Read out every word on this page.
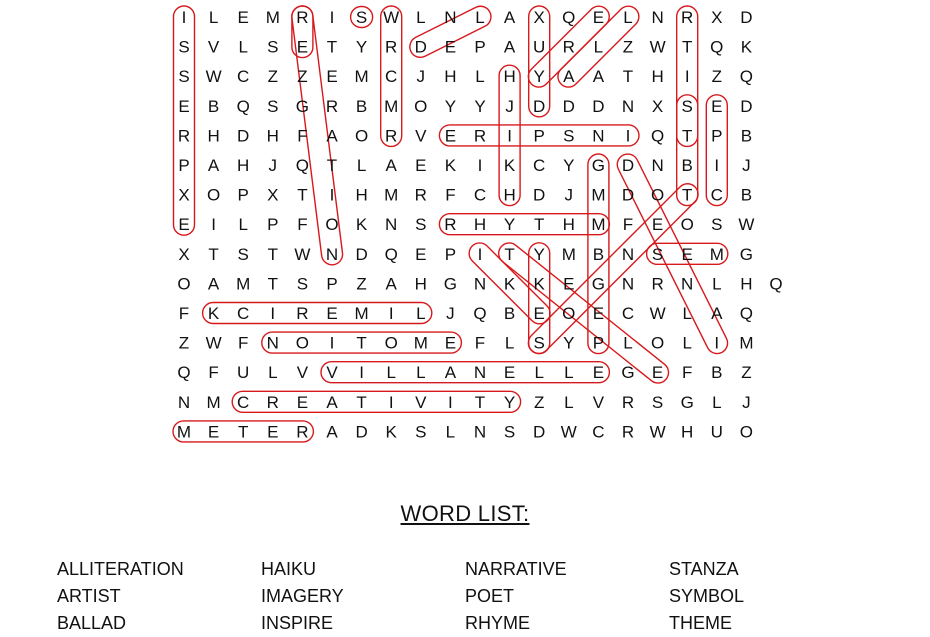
I L E M R I S W L N L A X Q E L N R X D
S V L S E T Y R D E P A U R L Z W T Q K
S W C Z Z E M C J H L H Y A A T H I Z Q
E B Q S G R B M O Y Y J D D D N X S E D
R H D H F A O R V E R I P S N I Q T P B
P A H J Q T L A E K I K C Y G D N B I J
X O P X T I H M R F C H D J M D O T C B
E I L P F O K N S R H Y T H M F E O S W
X T S T W N D Q E P I T Y M B N S E M G
O A M T S P Z A H G N K K E G N R N L H Q
F K C I R E M I L J Q B E O E C W L A Q
Z W F N O I T O M E F L S Y P L O L I M
Q F U L V V I L L A N E L L E G E F B Z
N M C R E A T I V I T Y Z L V R S G L J
M E T E R A D K S L N S D W C R W H U O
WORD LIST:
ALLITERATION
ARTIST
BALLAD
HAIKU
IMAGERY
INSPIRE
NARRATIVE
POET
RHYME
STANZA
SYMBOL
THEME
